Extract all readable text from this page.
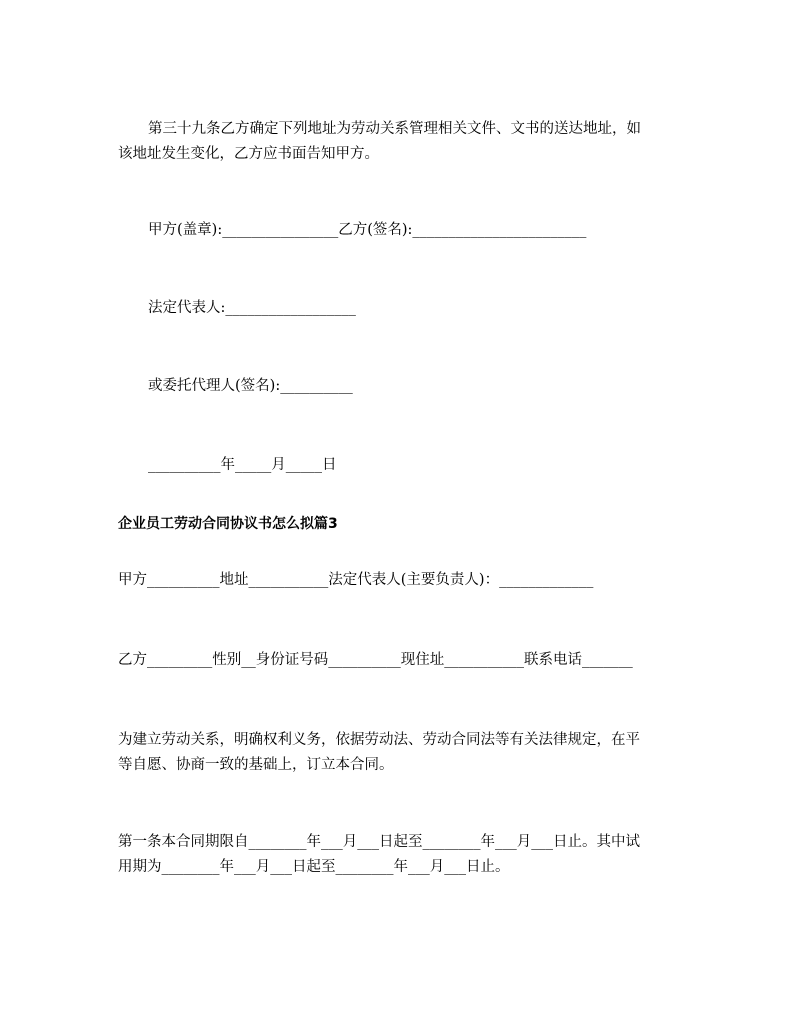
第三十九条乙方确定下列地址为劳动关系管理相关文件、文书的送达地址，如

该地址发生变化，乙方应书面告知甲方。

甲方(盖章):________________乙方(签名):________________________

法定代表人:__________________

或委托代理人(签名):__________

__________年_____月_____日

企业员工劳动合同协议书怎么拟篇3

甲方__________地址___________法定代表人(主要负责人)：_____________

乙方_________性别__身份证号码__________现住址___________联系电话_______

为建立劳动关系，明确权利义务，依据劳动法、劳动合同法等有关法律规定，在平

等自愿、协商一致的基础上，订立本合同。

第一条本合同期限自________年___月___日起至________年___月___日止。其中试

用期为________年___月___日起至________年___月___日止。
